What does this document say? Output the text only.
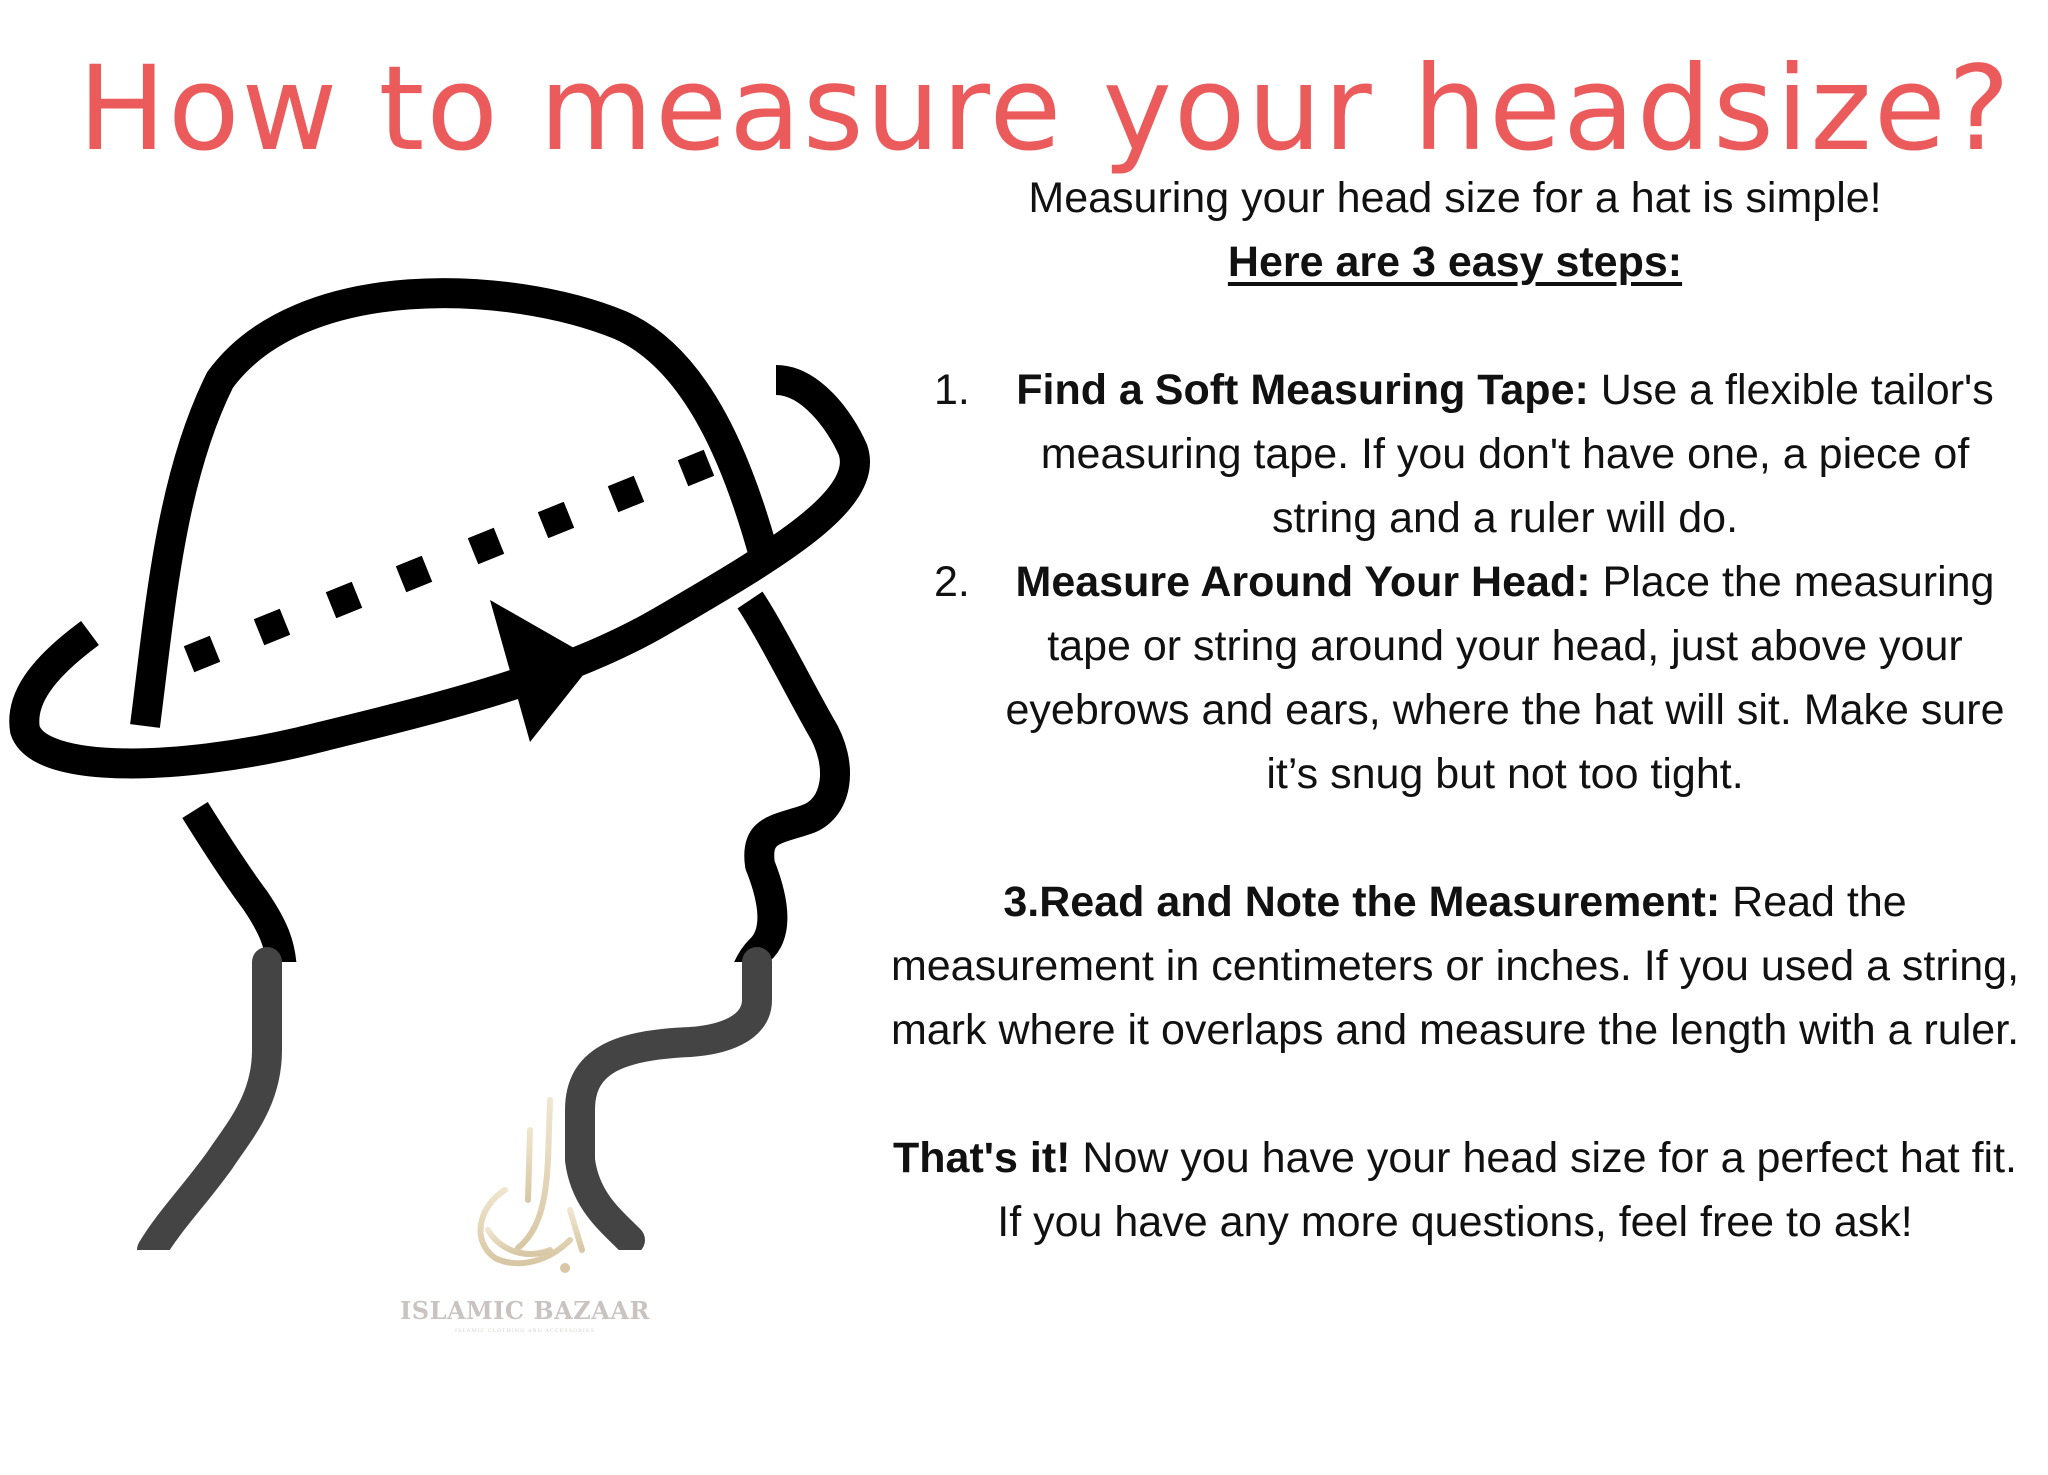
How to measure your headsize?
ISLAMIC BAZAAR
ISLAMIC CLOTHING AND ACCESSORIES
Measuring your head size for a hat is simple!
Here are 3 easy steps:
1. Find a Soft Measuring Tape: Use a flexible tailor's measuring tape. If you don't have one, a piece of string and a ruler will do.
2. Measure Around Your Head: Place the measuring tape or string around your head, just above your eyebrows and ears, where the hat will sit. Make sure it’s snug but not too tight.
3.Read and Note the Measurement: Read the measurement in centimeters or inches. If you used a string, mark where it overlaps and measure the length with a ruler.
That's it! Now you have your head size for a perfect hat fit. If you have any more questions, feel free to ask!
